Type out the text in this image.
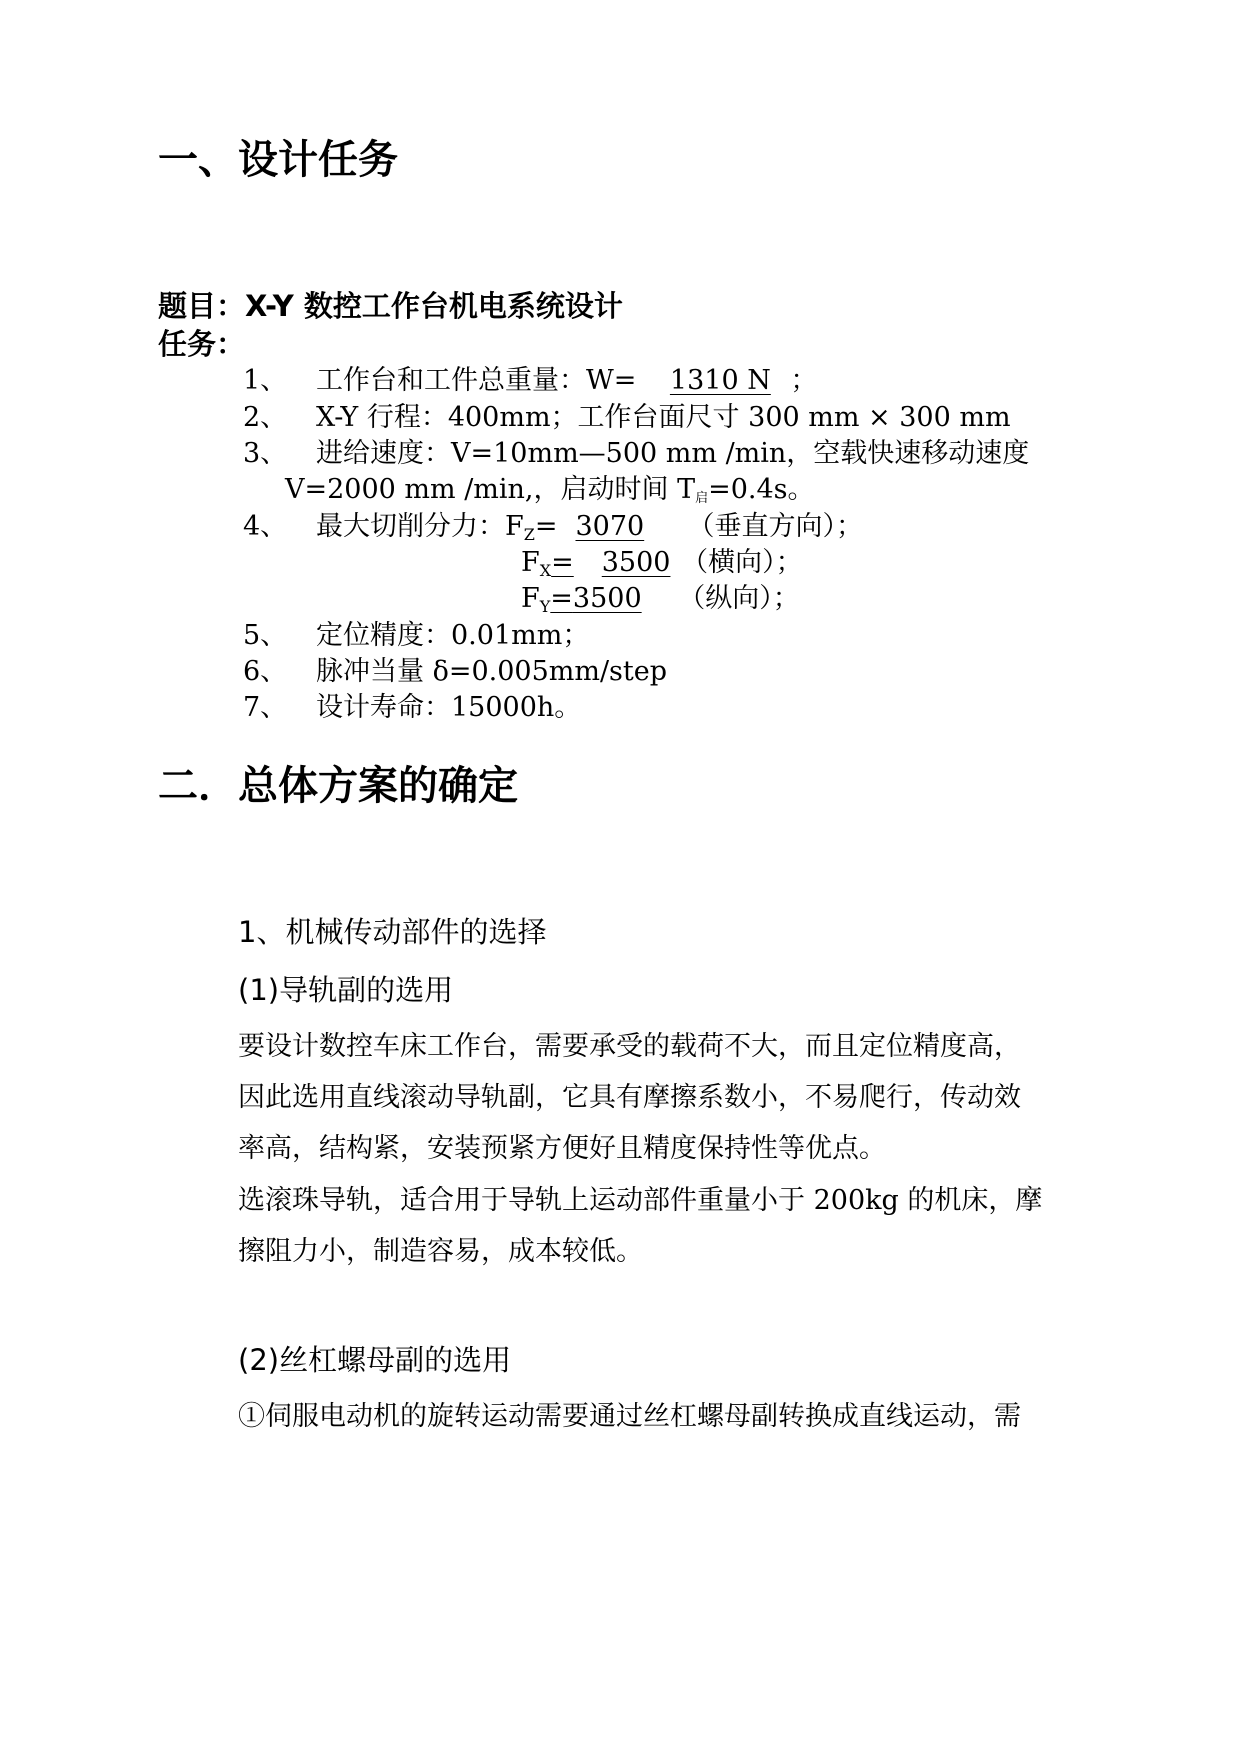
一、设计任务
题目：X-Y 数控工作台机电系统设计
任务：
1、 工作台和工件总重量：W= 1310 N ；
2、 X-Y 行程：400mm；工作台面尺寸 300 mm × 300 mm
3、 进给速度：V=10mm—500 mm /min，空载快速移动速度
V=2000 mm /min,，启动时间 T启=0.4s。
4、 最大切削分力：$F_Z= 3070$ （垂直方向）；
$F_X= 3500$ （横向）；
$F_Y=3500$ （纵向）；
5、 定位精度：0.01mm；
6、 脉冲当量 δ=0.005mm/step
7、 设计寿命：15000h。
二．总体方案的确定
1、机械传动部件的选择
(1)导轨副的选用
要设计数控车床工作台，需要承受的载荷不大，而且定位精度高，
因此选用直线滚动导轨副，它具有摩擦系数小，不易爬行，传动效
率高，结构紧，安装预紧方便好且精度保持性等优点。
选滚珠导轨，适合用于导轨上运动部件重量小于 200kg 的机床，摩
擦阻力小，制造容易，成本较低。
(2)丝杠螺母副的选用
①伺服电动机的旋转运动需要通过丝杠螺母副转换成直线运动，需
